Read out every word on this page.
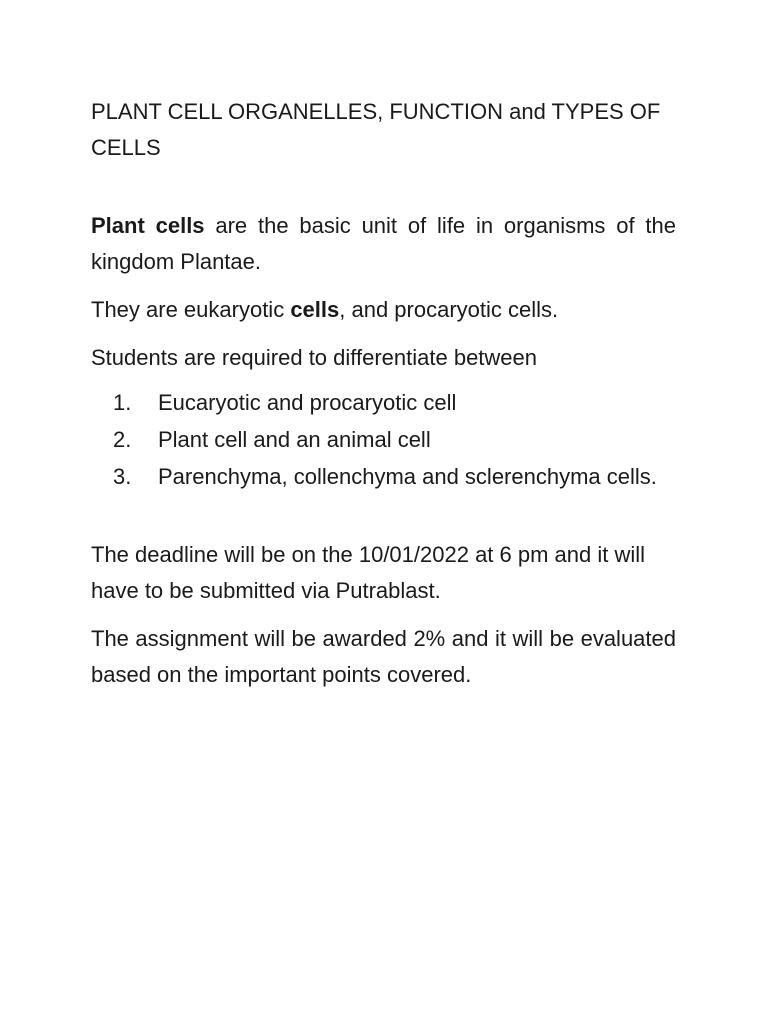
PLANT CELL ORGANELLES, FUNCTION and TYPES OF CELLS

Plant cells are the basic unit of life in organisms of the kingdom Plantae.

They are eukaryotic cells, and procaryotic cells.

Students are required to differentiate between

1. Eucaryotic and procaryotic cell
2. Plant cell and an animal cell
3. Parenchyma, collenchyma and sclerenchyma cells.

The deadline will be on the 10/01/2022 at 6 pm and it will have to be submitted via Putrablast.

The assignment will be awarded 2% and it will be evaluated based on the important points covered.
